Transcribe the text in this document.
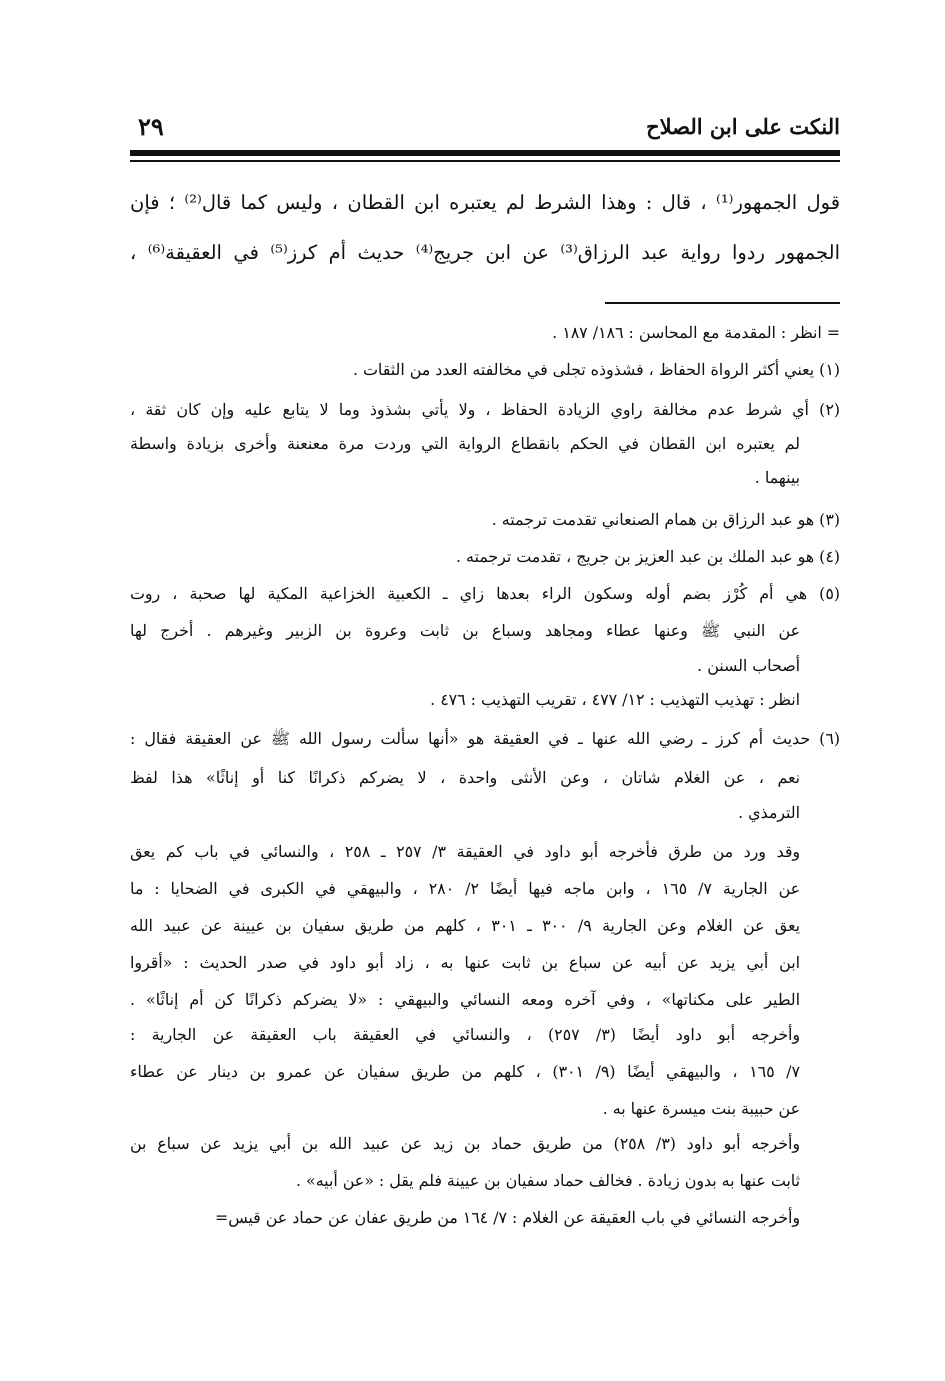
النكت على ابن الصلاح
٢٩
قول الجمهور⁽¹⁾ ، قال : وهذا الشرط لم يعتبره ابن القطان ، وليس كما قال⁽²⁾ ؛ فإن
الجمهور ردوا رواية عبد الرزاق⁽³⁾ عن ابن جريج⁽⁴⁾ حديث أم كرز⁽⁵⁾ في العقيقة⁽⁶⁾ ،
= انظر : المقدمة مع المحاسن : ١٨٦/ ١٨٧ .
(١) يعني أكثر الرواة الحفاظ ، فشذوذه تجلى في مخالفته العدد من الثقات .
(٢) أي شرط عدم مخالفة راوي الزيادة الحفاظ ، ولا يأتي بشذوذ وما لا يتابع عليه وإن كان ثقة ،
لم يعتبره ابن القطان في الحكم بانقطاع الرواية التي وردت مرة معنعنة وأخرى بزيادة واسطة
بينهما .
(٣) هو عبد الرزاق بن همام الصنعاني تقدمت ترجمته .
(٤) هو عبد الملك بن عبد العزيز بن جريج ، تقدمت ترجمته .
(٥) هي أم كُرْز بضم أوله وسكون الراء بعدها زاي ـ الكعبية الخزاعية المكية لها صحبة ، روت
عن النبي ﷺ وعنها عطاء ومجاهد وسباع بن ثابت وعروة بن الزبير وغيرهم . أخرج لها
أصحاب السنن .
انظر : تهذيب التهذيب : ١٢/ ٤٧٧ ، تقريب التهذيب : ٤٧٦ .
(٦) حديث أم كرز ـ رضي الله عنها ـ في العقيقة هو «أنها سألت رسول الله ﷺ عن العقيقة فقال :
نعم ، عن الغلام شاتان ، وعن الأنثى واحدة ، لا يضركم ذكرانًا كنا أو إناثًا» هذا لفظ
الترمذي .
وقد ورد من طرق فأخرجه أبو داود في العقيقة ٣/ ٢٥٧ ـ ٢٥٨ ، والنسائي في باب كم يعق
عن الجارية ٧/ ١٦٥ ، وابن ماجه فيها أيضًا ٢/ ٢٨٠ ، والبيهقي في الكبرى في الضحايا : ما
يعق عن الغلام وعن الجارية ٩/ ٣٠٠ ـ ٣٠١ ، كلهم من طريق سفيان بن عيينة عن عبيد الله
ابن أبي يزيد عن أبيه عن سباع بن ثابت عنها به ، زاد أبو داود في صدر الحديث : «أقروا
الطير على مكناتها» ، وفي آخره ومعه النسائي والبيهقي : «لا يضركم ذكرانًا كن أم إناثًا» .
وأخرجه أبو داود أيضًا (٣/ ٢٥٧) ، والنسائي في العقيقة باب العقيقة عن الجارية :
٧/ ١٦٥ ، والبيهقي أيضًا (٩/ ٣٠١) ، كلهم من طريق سفيان عن عمرو بن دينار عن عطاء
عن حبيبة بنت ميسرة عنها به .
وأخرجه أبو داود (٣/ ٢٥٨) من طريق حماد بن زيد عن عبيد الله بن أبي يزيد عن سباع بن
ثابت عنها به بدون زيادة . فخالف حماد سفيان بن عيينة فلم يقل : «عن أبيه» .
وأخرجه النسائي في باب العقيقة عن الغلام : ٧/ ١٦٤ من طريق عفان عن حماد عن قيس=
